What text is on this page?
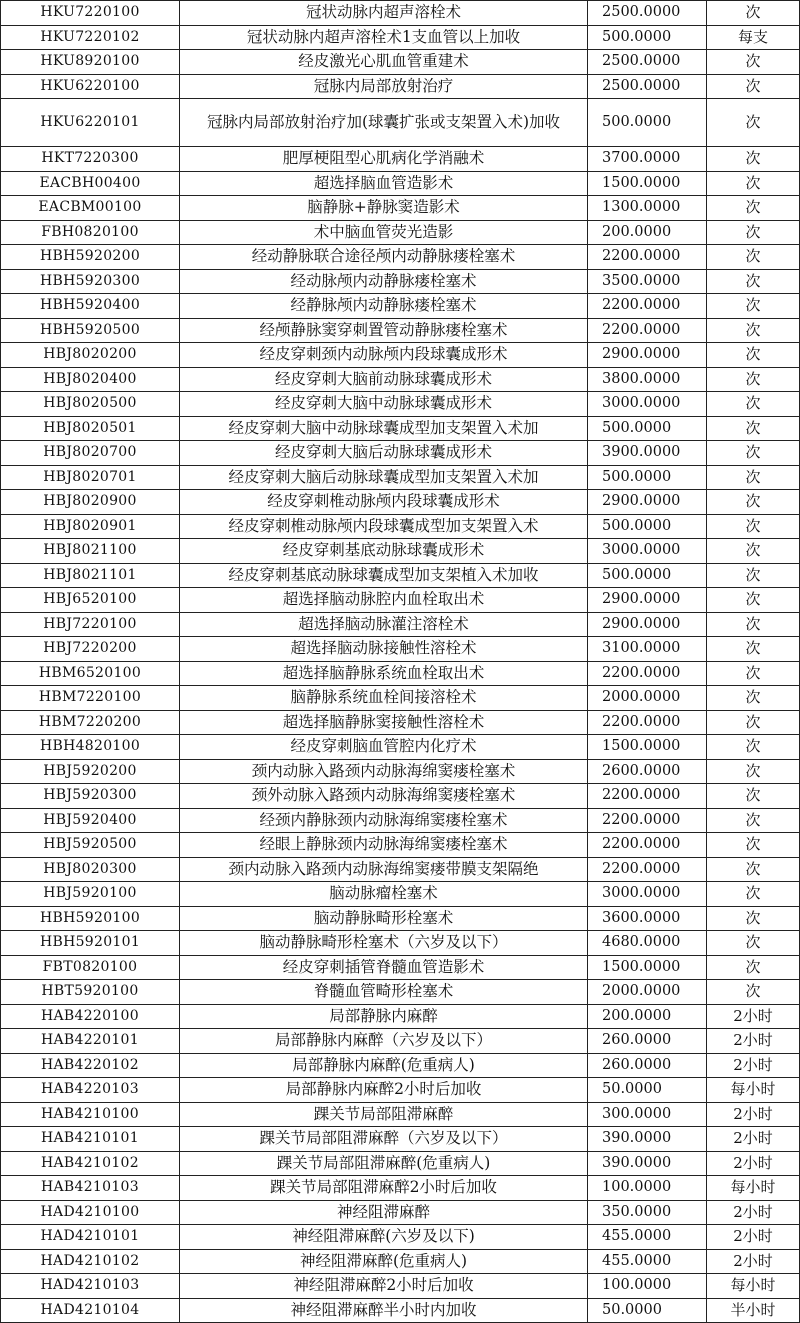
HKU7220100	冠状动脉内超声溶栓术	2500.0000	次
HKU7220102	冠状动脉内超声溶栓术1支血管以上加收	500.0000	每支
HKU8920100	经皮激光心肌血管重建术	2500.0000	次
HKU6220100	冠脉内局部放射治疗	2500.0000	次
HKU6220101	冠脉内局部放射治疗加(球囊扩张或支架置入术)加收	500.0000	次
HKT7220300	肥厚梗阻型心肌病化学消融术	3700.0000	次
EACBH00400	超选择脑血管造影术	1500.0000	次
EACBM00100	脑静脉+静脉窦造影术	1300.0000	次
FBH0820100	术中脑血管荧光造影	200.0000	次
HBH5920200	经动静脉联合途径颅内动静脉瘘栓塞术	2200.0000	次
HBH5920300	经动脉颅内动静脉瘘栓塞术	3500.0000	次
HBH5920400	经静脉颅内动静脉瘘栓塞术	2200.0000	次
HBH5920500	经颅静脉窦穿刺置管动静脉瘘栓塞术	2200.0000	次
HBJ8020200	经皮穿刺颈内动脉颅内段球囊成形术	2900.0000	次
HBJ8020400	经皮穿刺大脑前动脉球囊成形术	3800.0000	次
HBJ8020500	经皮穿刺大脑中动脉球囊成形术	3000.0000	次
HBJ8020501	经皮穿刺大脑中动脉球囊成型加支架置入术加	500.0000	次
HBJ8020700	经皮穿刺大脑后动脉球囊成形术	3900.0000	次
HBJ8020701	经皮穿刺大脑后动脉球囊成型加支架置入术加	500.0000	次
HBJ8020900	经皮穿刺椎动脉颅内段球囊成形术	2900.0000	次
HBJ8020901	经皮穿刺椎动脉颅内段球囊成型加支架置入术	500.0000	次
HBJ8021100	经皮穿刺基底动脉球囊成形术	3000.0000	次
HBJ8021101	经皮穿刺基底动脉球囊成型加支架植入术加收	500.0000	次
HBJ6520100	超选择脑动脉腔内血栓取出术	2900.0000	次
HBJ7220100	超选择脑动脉灌注溶栓术	2900.0000	次
HBJ7220200	超选择脑动脉接触性溶栓术	3100.0000	次
HBM6520100	超选择脑静脉系统血栓取出术	2200.0000	次
HBM7220100	脑静脉系统血栓间接溶栓术	2000.0000	次
HBM7220200	超选择脑静脉窦接触性溶栓术	2200.0000	次
HBH4820100	经皮穿刺脑血管腔内化疗术	1500.0000	次
HBJ5920200	颈内动脉入路颈内动脉海绵窦瘘栓塞术	2600.0000	次
HBJ5920300	颈外动脉入路颈内动脉海绵窦瘘栓塞术	2200.0000	次
HBJ5920400	经颈内静脉颈内动脉海绵窦瘘栓塞术	2200.0000	次
HBJ5920500	经眼上静脉颈内动脉海绵窦瘘栓塞术	2200.0000	次
HBJ8020300	颈内动脉入路颈内动脉海绵窦瘘带膜支架隔绝	2200.0000	次
HBJ5920100	脑动脉瘤栓塞术	3000.0000	次
HBH5920100	脑动静脉畸形栓塞术	3600.0000	次
HBH5920101	脑动静脉畸形栓塞术（六岁及以下）	4680.0000	次
FBT0820100	经皮穿刺插管脊髓血管造影术	1500.0000	次
HBT5920100	脊髓血管畸形栓塞术	2000.0000	次
HAB4220100	局部静脉内麻醉	200.0000	2小时
HAB4220101	局部静脉内麻醉（六岁及以下）	260.0000	2小时
HAB4220102	局部静脉内麻醉(危重病人)	260.0000	2小时
HAB4220103	局部静脉内麻醉2小时后加收	50.0000	每小时
HAB4210100	踝关节局部阻滞麻醉	300.0000	2小时
HAB4210101	踝关节局部阻滞麻醉（六岁及以下）	390.0000	2小时
HAB4210102	踝关节局部阻滞麻醉(危重病人)	390.0000	2小时
HAB4210103	踝关节局部阻滞麻醉2小时后加收	100.0000	每小时
HAD4210100	神经阻滞麻醉	350.0000	2小时
HAD4210101	神经阻滞麻醉(六岁及以下)	455.0000	2小时
HAD4210102	神经阻滞麻醉(危重病人)	455.0000	2小时
HAD4210103	神经阻滞麻醉2小时后加收	100.0000	每小时
HAD4210104	神经阻滞麻醉半小时内加收	50.0000	半小时
